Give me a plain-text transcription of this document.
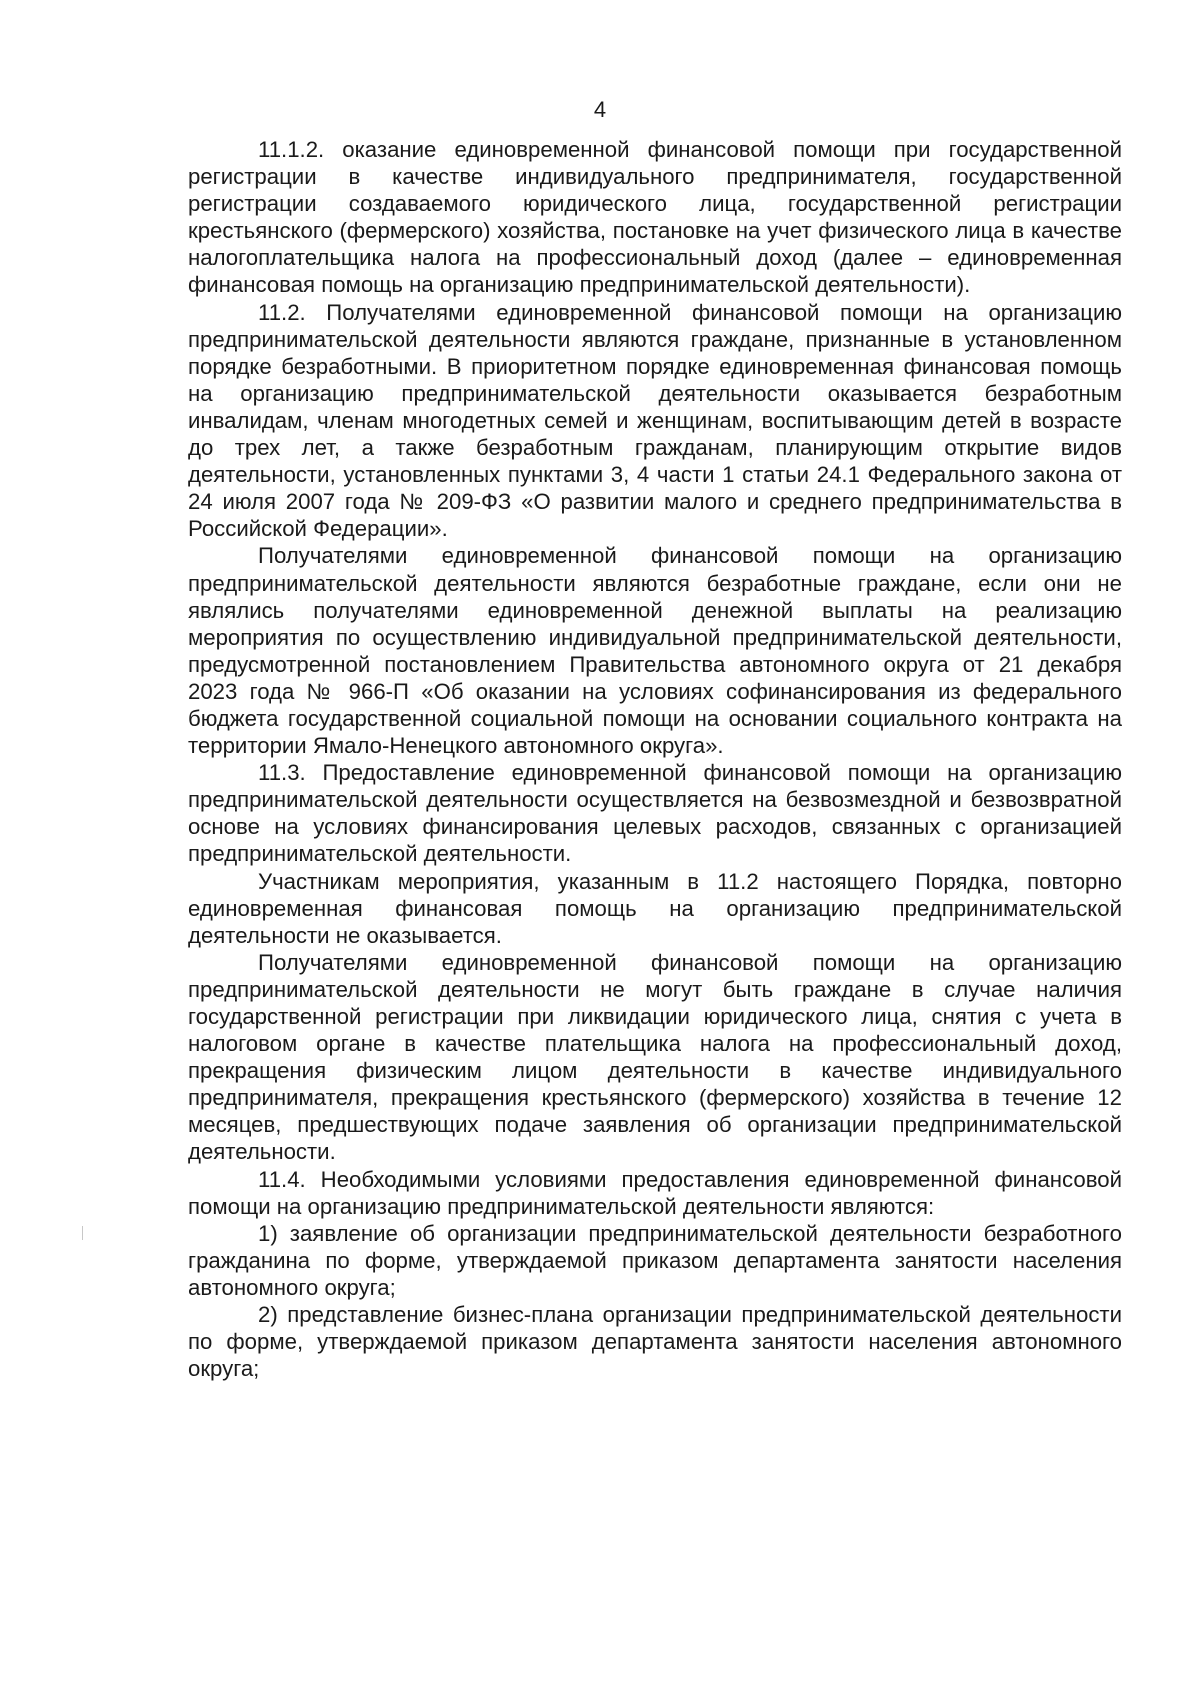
4

11.1.2. оказание единовременной финансовой помощи при государственной регистрации в качестве индивидуального предпринимателя, государственной регистрации создаваемого юридического лица, государственной регистрации крестьянского (фермерского) хозяйства, постановке на учет физического лица в качестве налогоплательщика налога на профессиональный доход (далее – единовременная финансовая помощь на организацию предпринимательской деятельности).

11.2. Получателями единовременной финансовой помощи на организацию предпринимательской деятельности являются граждане, признанные в установленном порядке безработными. В приоритетном порядке единовременная финансовая помощь на организацию предпринимательской деятельности оказывается безработным инвалидам, членам многодетных семей и женщинам, воспитывающим детей в возрасте до трех лет, а также безработным гражданам, планирующим открытие видов деятельности, установленных пунктами 3, 4 части 1 статьи 24.1 Федерального закона от 24 июля 2007 года № 209-ФЗ «О развитии малого и среднего предпринимательства в Российской Федерации».

Получателями единовременной финансовой помощи на организацию предпринимательской деятельности являются безработные граждане, если они не являлись получателями единовременной денежной выплаты на реализацию мероприятия по осуществлению индивидуальной предпринимательской деятельности, предусмотренной постановлением Правительства автономного округа от 21 декабря 2023 года № 966-П «Об оказании на условиях софинансирования из федерального бюджета государственной социальной помощи на основании социального контракта на территории Ямало-Ненецкого автономного округа».

11.3. Предоставление единовременной финансовой помощи на организацию предпринимательской деятельности осуществляется на безвозмездной и безвозвратной основе на условиях финансирования целевых расходов, связанных с организацией предпринимательской деятельности.

Участникам мероприятия, указанным в 11.2 настоящего Порядка, повторно единовременная финансовая помощь на организацию предпринимательской деятельности не оказывается.

Получателями единовременной финансовой помощи на организацию предпринимательской деятельности не могут быть граждане в случае наличия государственной регистрации при ликвидации юридического лица, снятия с учета в налоговом органе в качестве плательщика налога на профессиональный доход, прекращения физическим лицом деятельности в качестве индивидуального предпринимателя, прекращения крестьянского (фермерского) хозяйства в течение 12 месяцев, предшествующих подаче заявления об организации предпринимательской деятельности.

11.4. Необходимыми условиями предоставления единовременной финансовой помощи на организацию предпринимательской деятельности являются:

1) заявление об организации предпринимательской деятельности безработного гражданина по форме, утверждаемой приказом департамента занятости населения автономного округа;

2) представление бизнес-плана организации предпринимательской деятельности по форме, утверждаемой приказом департамента занятости населения автономного округа;
